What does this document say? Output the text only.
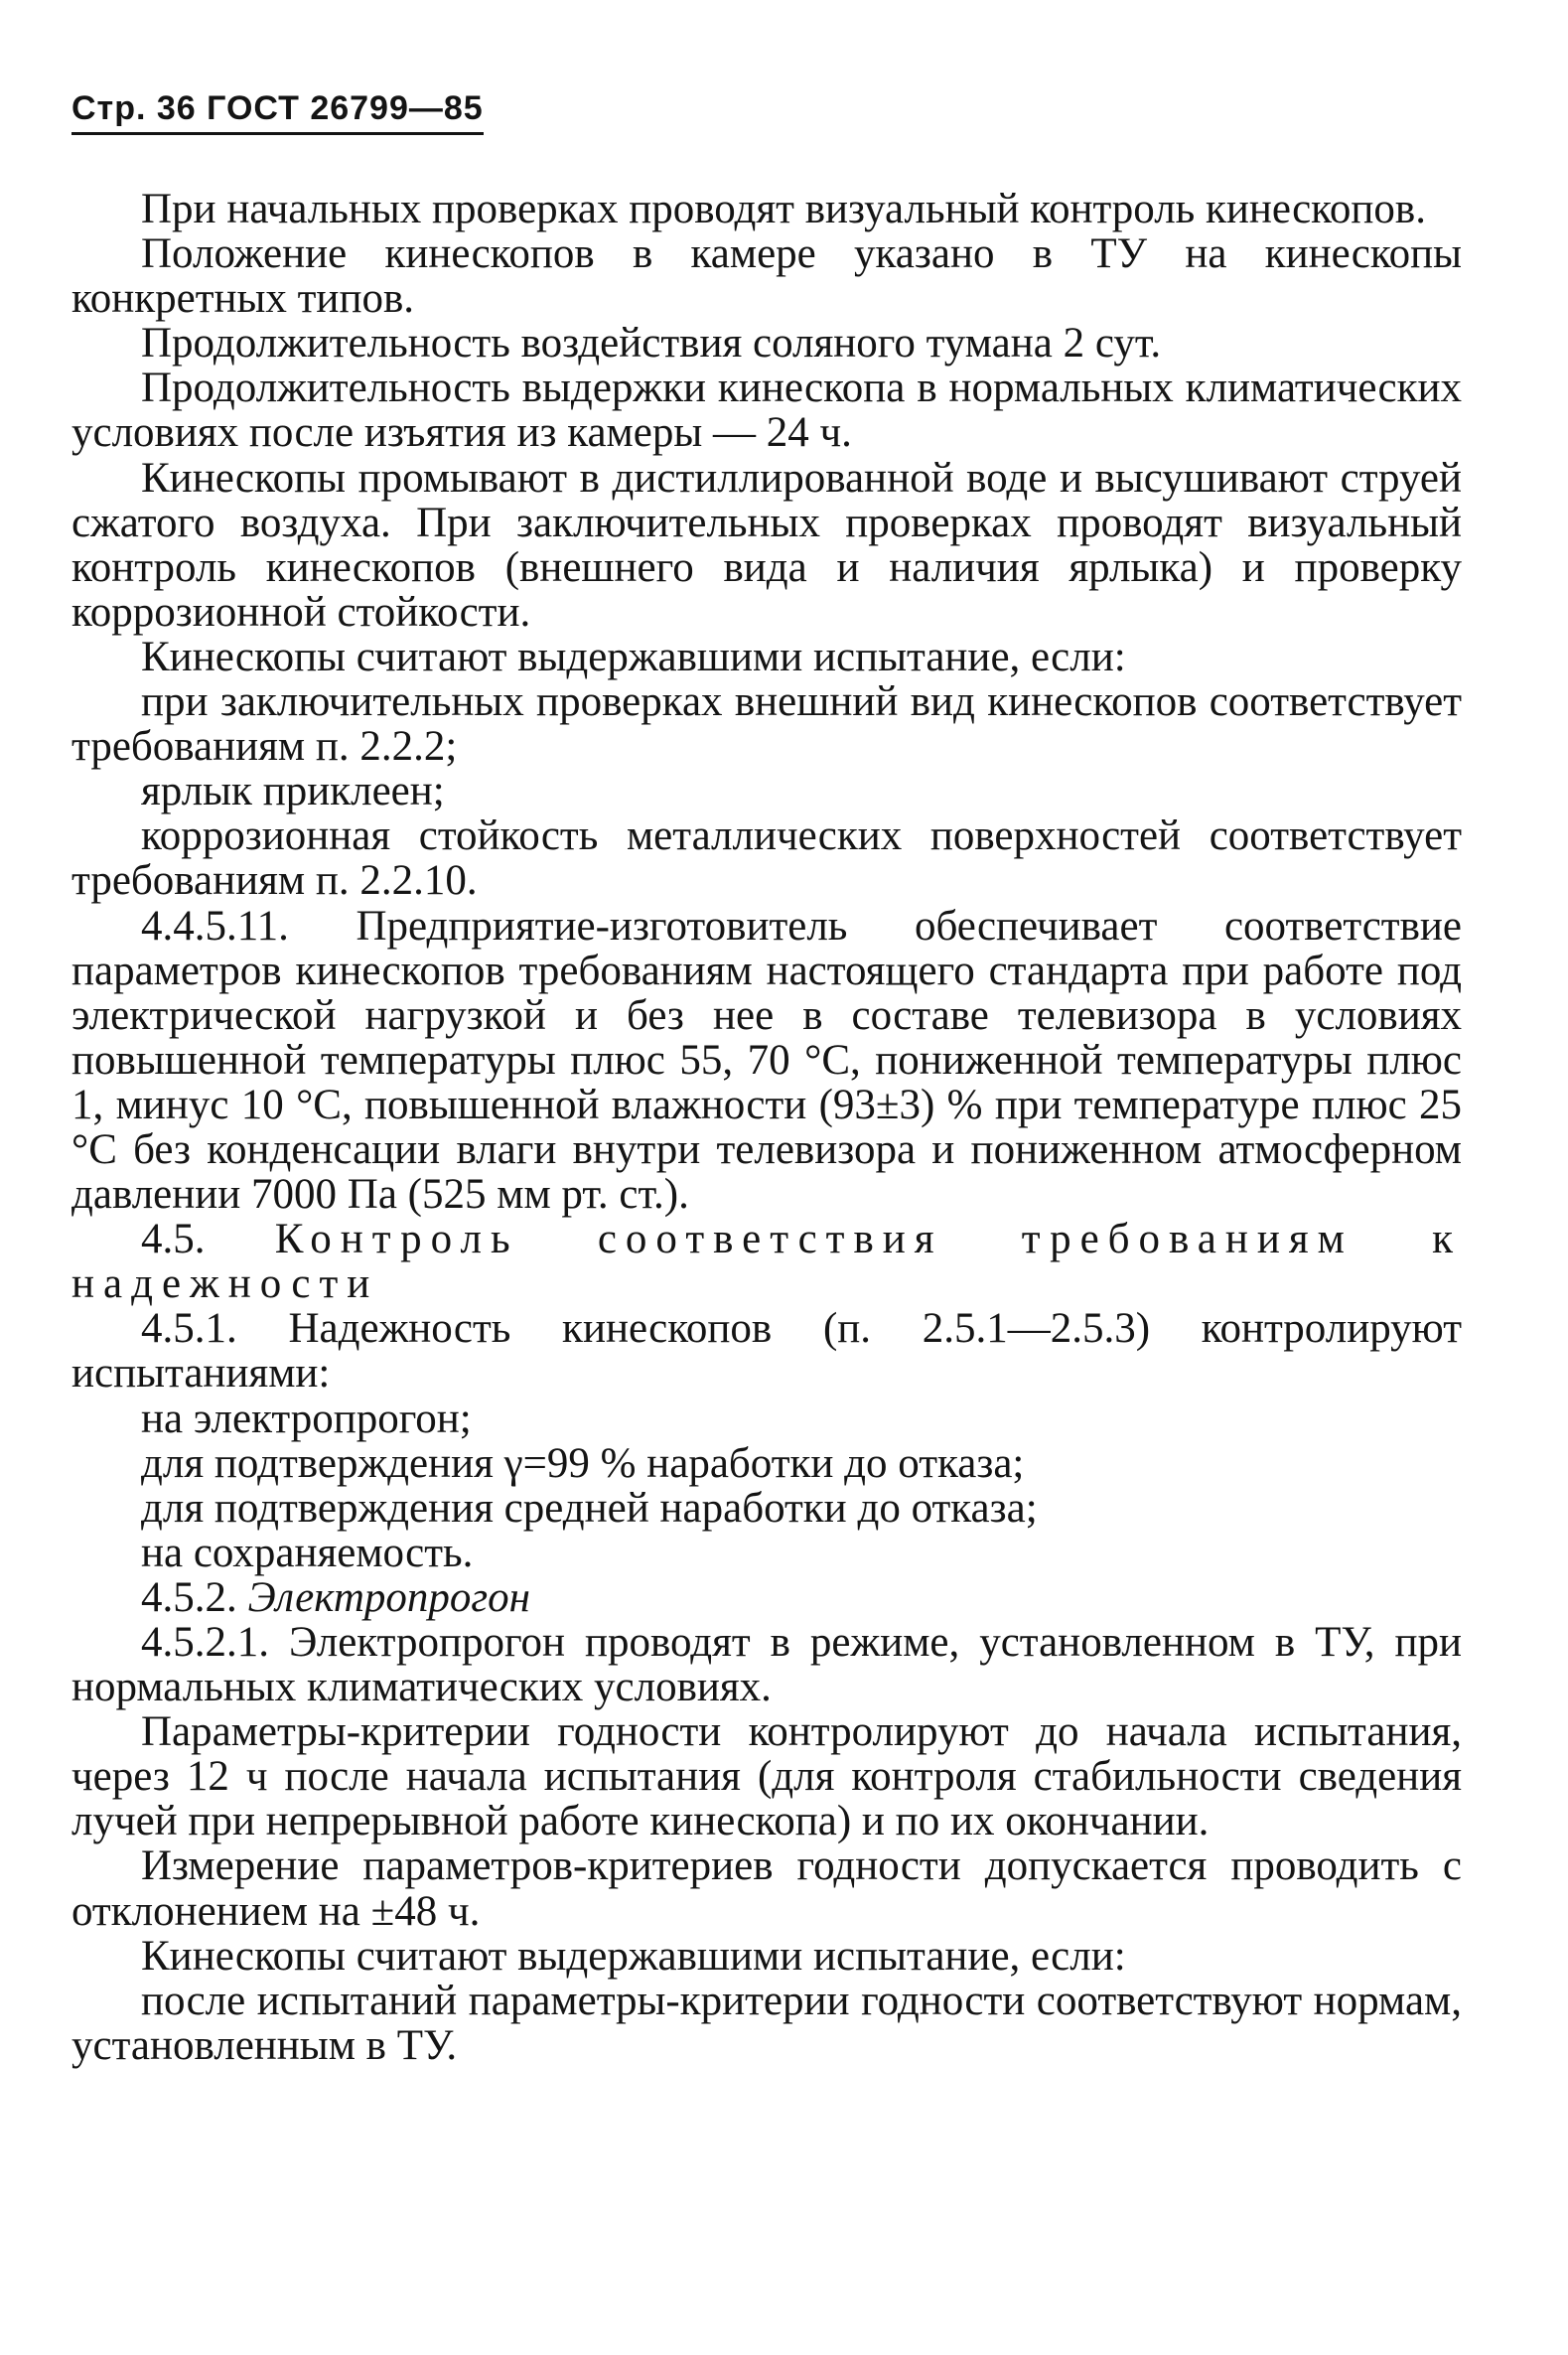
Стр. 36 ГОСТ 26799—85

При начальных проверках проводят визуальный контроль кинескопов.

Положение кинескопов в камере указано в ТУ на кинескопы конкретных типов.

Продолжительность воздействия соляного тумана 2 сут.

Продолжительность выдержки кинескопа в нормальных климатических условиях после изъятия из камеры — 24 ч.

Кинескопы промывают в дистиллированной воде и высушивают струей сжатого воздуха. При заключительных проверках проводят визуальный контроль кинескопов (внешнего вида и наличия ярлыка) и проверку коррозионной стойкости.

Кинескопы считают выдержавшими испытание, если:

при заключительных проверках внешний вид кинескопов соответствует требованиям п. 2.2.2;

ярлык приклеен;

коррозионная стойкость металлических поверхностей соответствует требованиям п. 2.2.10.

4.4.5.11. Предприятие-изготовитель обеспечивает соответствие параметров кинескопов требованиям настоящего стандарта при работе под электрической нагрузкой и без нее в составе телевизора в условиях повышенной температуры плюс 55, 70 °С, пониженной температуры плюс 1, минус 10 °С, повышенной влажности (93±3) % при температуре плюс 25 °С без конденсации влаги внутри телевизора и пониженном атмосферном давлении 7000 Па (525 мм рт. ст.).

4.5. Контроль соответствия требованиям к надежности

4.5.1. Надежность кинескопов (п. 2.5.1—2.5.3) контролируют испытаниями:

на электропрогон;

для подтверждения γ=99 % наработки до отказа;

для подтверждения средней наработки до отказа;

на сохраняемость.

4.5.2. Электропрогон

4.5.2.1. Электропрогон проводят в режиме, установленном в ТУ, при нормальных климатических условиях.

Параметры-критерии годности контролируют до начала испытания, через 12 ч после начала испытания (для контроля стабильности сведения лучей при непрерывной работе кинескопа) и по их окончании.

Измерение параметров-критериев годности допускается проводить с отклонением на ±48 ч.

Кинескопы считают выдержавшими испытание, если:

после испытаний параметры-критерии годности соответствуют нормам, установленным в ТУ.
